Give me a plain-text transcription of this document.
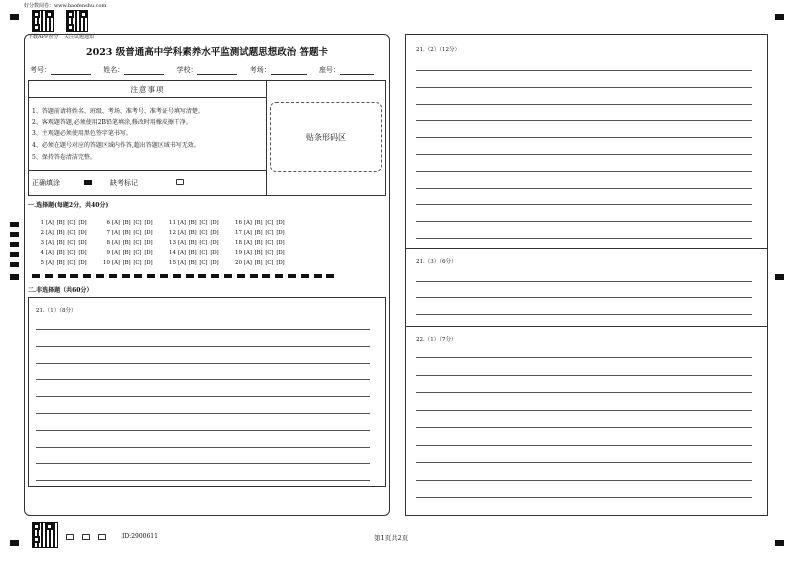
好分数阅卷：www.haofenshu.com
下载APP查分 关注试题通知
2023 级普通高中学科素养水平监测试题思想政治 答题卡
考号：	姓名：	学校：	考场：	座号：
注意事项
1、答题前请将姓名、班级、考场、准考号、准考证号填写清楚。
2、客观题答题,必须使用2B铅笔填涂,修改时用橡皮擦干净。
3、主观题必须使用黑色签字笔书写。
4、必须在题号对应的答题区域内作答,超出答题区域书写无效。
5、保持答卷清洁完整。
正确填涂	缺考标记
贴条形码区
一.选择题(每题2分，共40分)
1 [A] [B] [C] [D]	6 [A] [B] [C] [D]	11 [A] [B] [C] [D]	16 [A] [B] [C] [D]
2 [A] [B] [C] [D]	7 [A] [B] [C] [D]	12 [A] [B] [C] [D]	17 [A] [B] [C] [D]
3 [A] [B] [C] [D]	8 [A] [B] [C] [D]	13 [A] [B] [C] [D]	18 [A] [B] [C] [D]
4 [A] [B] [C] [D]	9 [A] [B] [C] [D]	14 [A] [B] [C] [D]	19 [A] [B] [C] [D]
5 [A] [B] [C] [D]	10 [A] [B] [C] [D]	15 [A] [B] [C] [D]	20 [A] [B] [C] [D]
二.非选择题（共60分）
21.（1）（8分）
ID:2900611	第1页共2页
21.（2）（12分）
21.（3）（6分）
22.（1）（7分）
